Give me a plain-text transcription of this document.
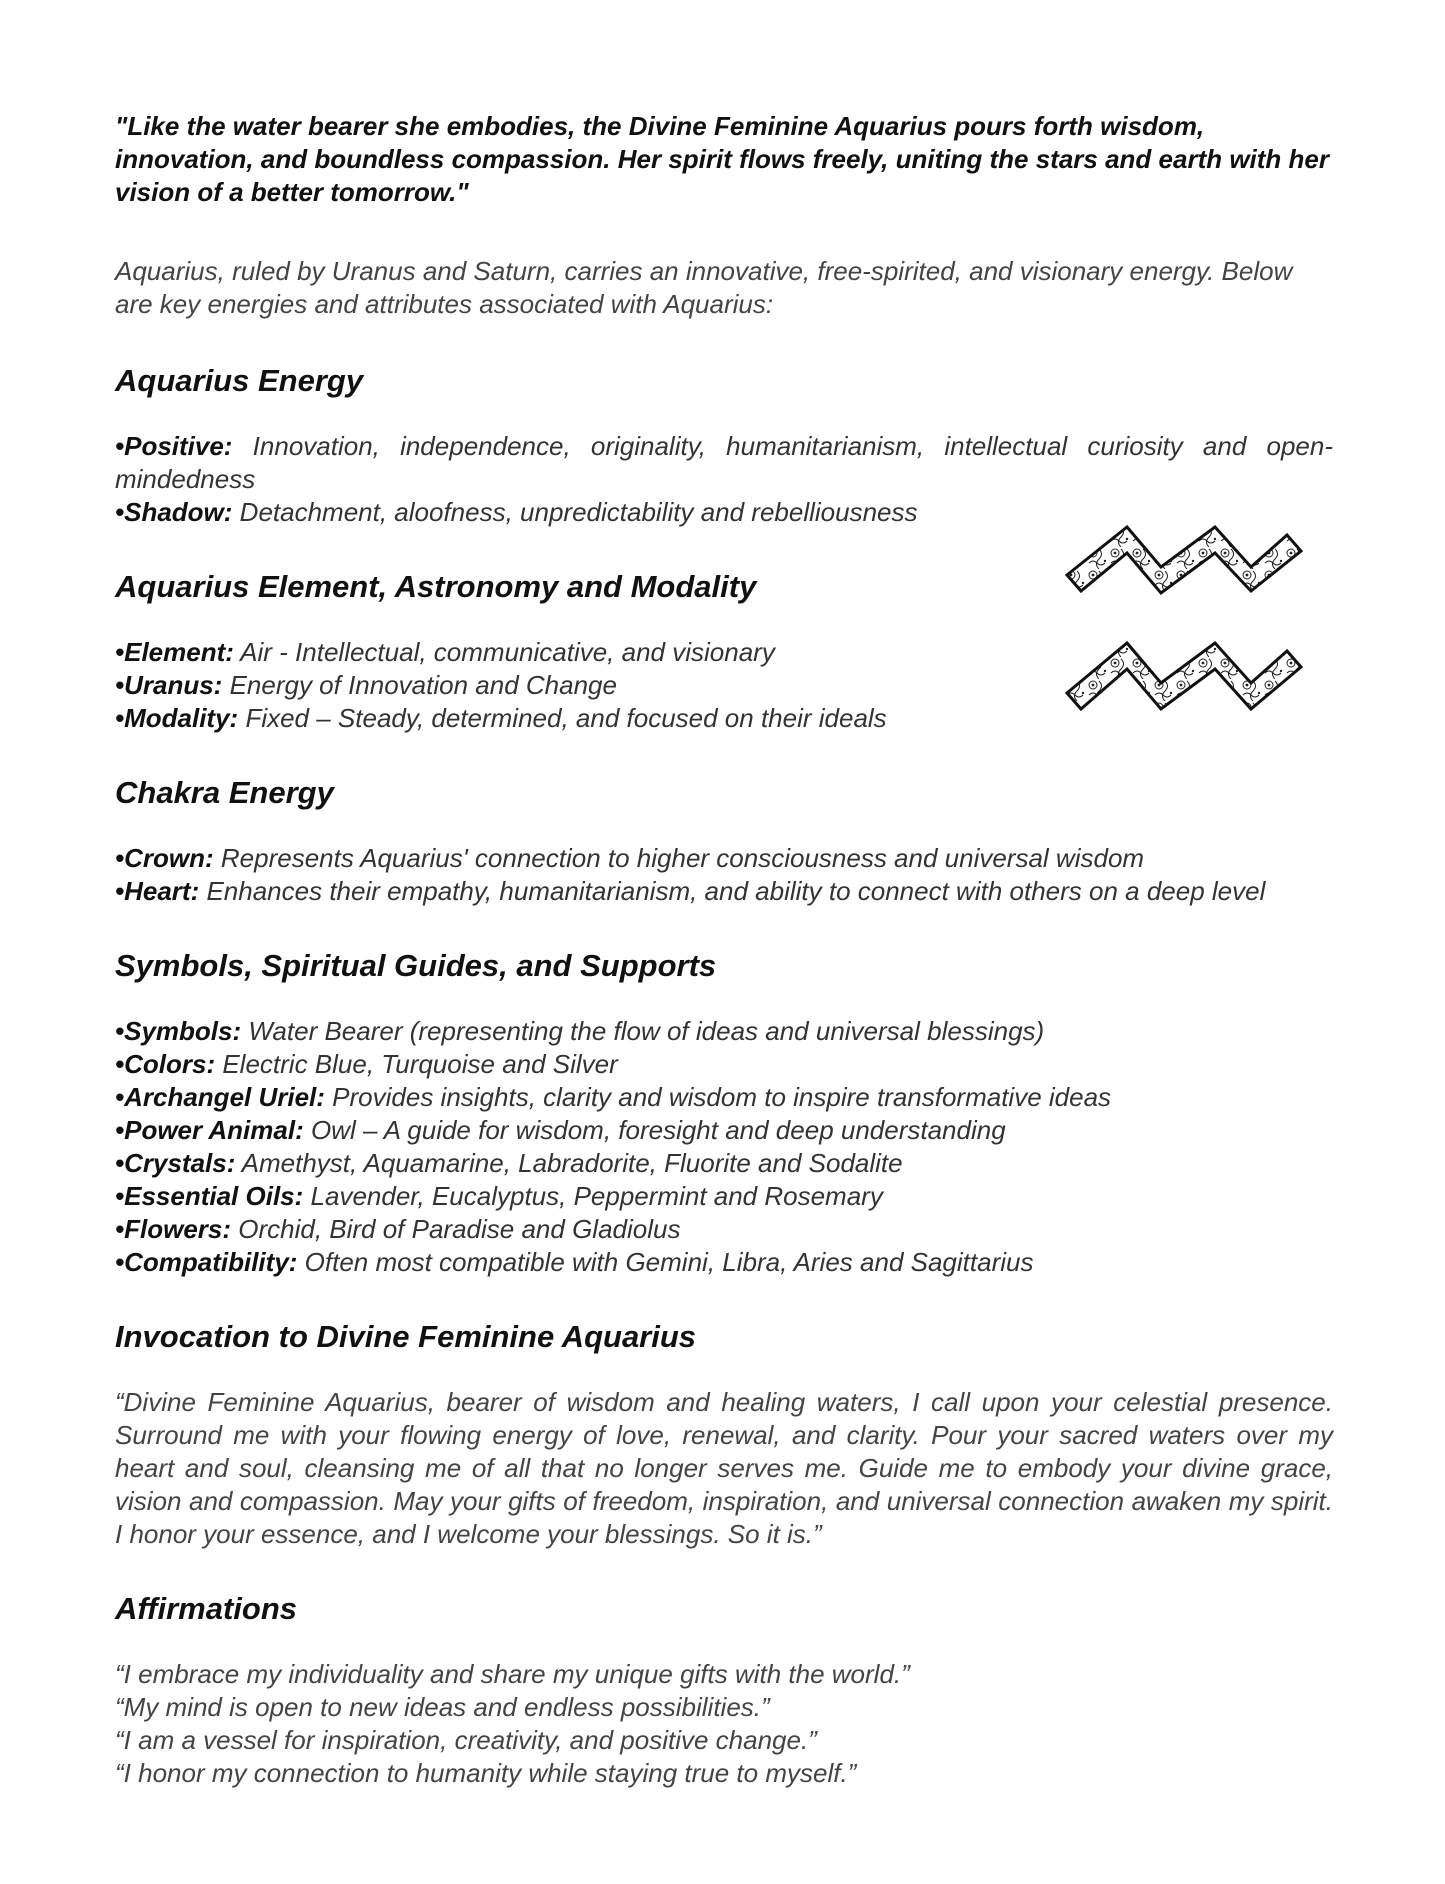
"Like the water bearer she embodies, the Divine Feminine Aquarius pours forth wisdom, innovation, and boundless compassion. Her spirit flows freely, uniting the stars and earth with her vision of a better tomorrow."

Aquarius, ruled by Uranus and Saturn, carries an innovative, free-spirited, and visionary energy. Below are key energies and attributes associated with Aquarius:

Aquarius Energy

•Positive: Innovation, independence, originality, humanitarianism, intellectual curiosity and open-mindedness

•Shadow: Detachment, aloofness, unpredictability and rebelliousness

Aquarius Element, Astronomy and Modality

•Element: Air - Intellectual, communicative, and visionary

•Uranus: Energy of Innovation and Change

•Modality: Fixed – Steady, determined, and focused on their ideals

Chakra Energy

•Crown: Represents Aquarius' connection to higher consciousness and universal wisdom

•Heart: Enhances their empathy, humanitarianism, and ability to connect with others on a deep level

Symbols, Spiritual Guides, and Supports

•Symbols: Water Bearer (representing the flow of ideas and universal blessings)

•Colors: Electric Blue, Turquoise and Silver

•Archangel Uriel: Provides insights, clarity and wisdom to inspire transformative ideas

•Power Animal: Owl – A guide for wisdom, foresight and deep understanding

•Crystals: Amethyst, Aquamarine, Labradorite, Fluorite and Sodalite

•Essential Oils: Lavender, Eucalyptus, Peppermint and Rosemary

•Flowers: Orchid, Bird of Paradise and Gladiolus

•Compatibility: Often most compatible with Gemini, Libra, Aries and Sagittarius

Invocation to Divine Feminine Aquarius

“Divine Feminine Aquarius, bearer of wisdom and healing waters, I call upon your celestial presence. Surround me with your flowing energy of love, renewal, and clarity. Pour your sacred waters over my heart and soul, cleansing me of all that no longer serves me. Guide me to embody your divine grace, vision and compassion. May your gifts of freedom, inspiration, and universal connection awaken my spirit. I honor your essence, and I welcome your blessings. So it is.”

Affirmations

“I embrace my individuality and share my unique gifts with the world.”

“My mind is open to new ideas and endless possibilities.”

“I am a vessel for inspiration, creativity, and positive change.”

“I honor my connection to humanity while staying true to myself.”
